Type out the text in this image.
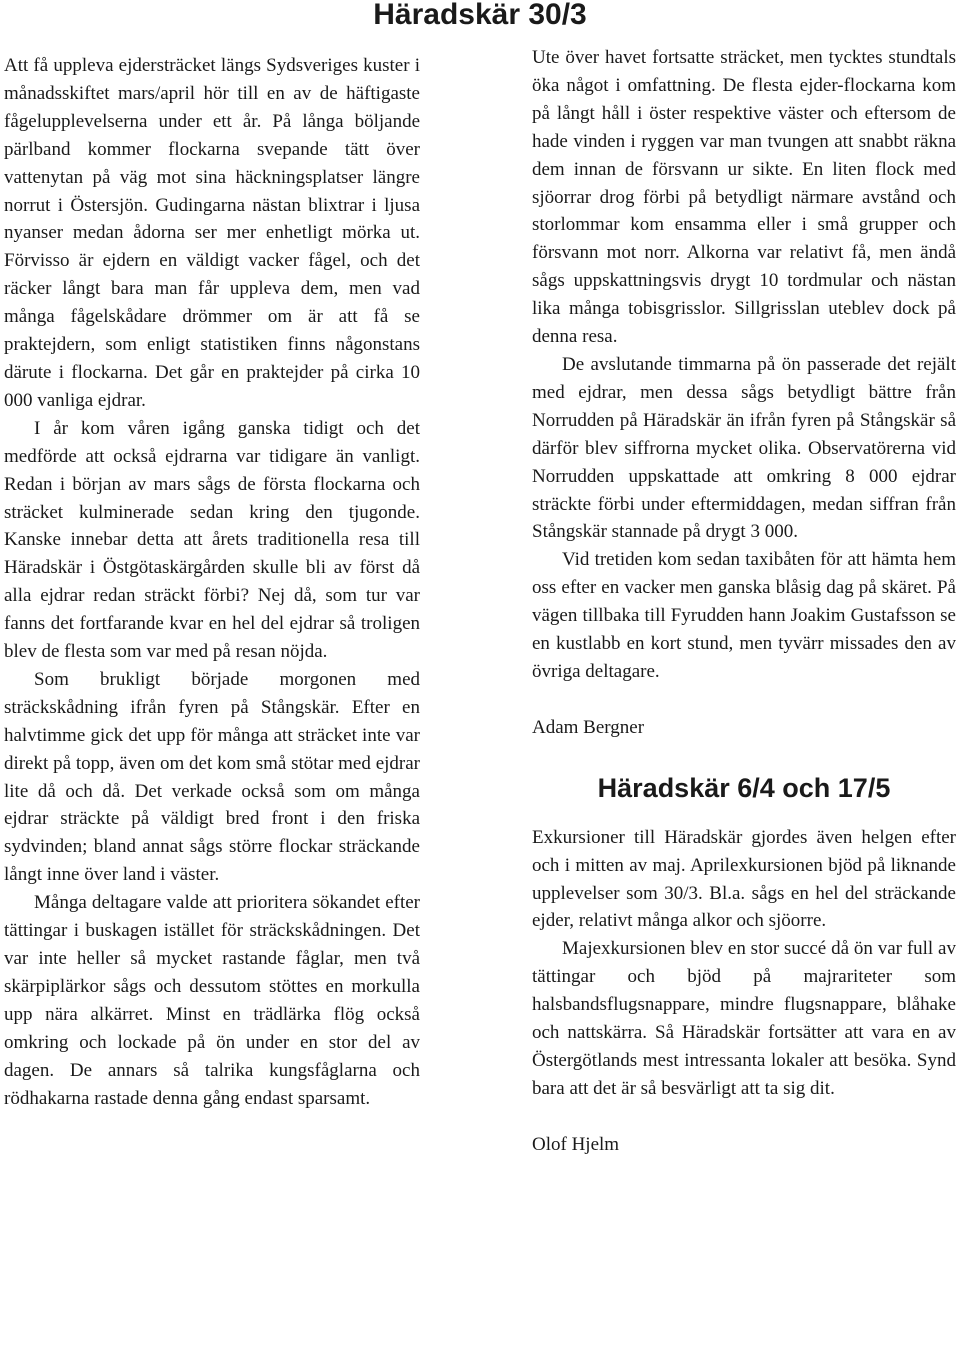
Häradskär 30/3

Att få uppleva ejdersträcket längs Sydsveriges kuster i månadsskiftet mars/april hör till en av de häftigaste fågelupplevelserna under ett år. På långa böljande pärlband kommer flockarna svepande tätt över vattenytan på väg mot sina häckningsplatser längre norrut i Östersjön. Gudingarna nästan blixtrar i ljusa nyanser medan ådorna ser mer enhetligt mörka ut. Förvisso är ejdern en väldigt vacker fågel, och det räcker långt bara man får uppleva dem, men vad många fågelskådare drömmer om är att få se praktejdern, som enligt statistiken finns någonstans därute i flockarna. Det går en praktejder på cirka 10 000 vanliga ejdrar.

I år kom våren igång ganska tidigt och det medförde att också ejdrarna var tidigare än vanligt. Redan i början av mars sågs de första flockarna och sträcket kulminerade sedan kring den tjugonde. Kanske innebar detta att årets traditionella resa till Häradskär i Östgötaskärgården skulle bli av först då alla ejdrar redan sträckt förbi? Nej då, som tur var fanns det fortfarande kvar en hel del ejdrar så troligen blev de flesta som var med på resan nöjda.

Som brukligt började morgonen med sträckskådning ifrån fyren på Stångskär. Efter en halvtimme gick det upp för många att sträcket inte var direkt på topp, även om det kom små stötar med ejdrar lite då och då. Det verkade också som om många ejdrar sträckte på väldigt bred front i den friska sydvinden; bland annat sågs större flockar sträckande långt inne över land i väster.

Många deltagare valde att prioritera sökandet efter tättingar i buskagen istället för sträckskådningen. Det var inte heller så mycket rastande fåglar, men två skärpiplärkor sågs och dessutom stöttes en morkulla upp nära alkärret. Minst en trädlärka flög också omkring och lockade på ön under en stor del av dagen. De annars så talrika kungsfåglarna och rödhakarna rastade denna gång endast sparsamt.

Ute över havet fortsatte sträcket, men tycktes stundtals öka något i omfattning. De flesta ejder-flockarna kom på långt håll i öster respektive väster och eftersom de hade vinden i ryggen var man tvungen att snabbt räkna dem innan de försvann ur sikte. En liten flock med sjöorrar drog förbi på betydligt närmare avstånd och storlommar kom ensamma eller i små grupper och försvann mot norr. Alkorna var relativt få, men ändå sågs uppskattningsvis drygt 10 tordmular och nästan lika många tobisgrisslor. Sillgrisslan uteblev dock på denna resa.

De avslutande timmarna på ön passerade det rejält med ejdrar, men dessa sågs betydligt bättre från Norrudden på Häradskär än ifrån fyren på Stångskär så därför blev siffrorna mycket olika. Observatörerna vid Norrudden uppskattade att omkring 8 000 ejdrar sträckte förbi under eftermiddagen, medan siffran från Stångskär stannade på drygt 3 000.

Vid tretiden kom sedan taxibåten för att hämta hem oss efter en vacker men ganska blåsig dag på skäret. På vägen tillbaka till Fyrudden hann Joakim Gustafsson se en kustlabb en kort stund, men tyvärr missades den av övriga deltagare.

Adam Bergner

Häradskär 6/4 och 17/5

Exkursioner till Häradskär gjordes även helgen efter och i mitten av maj. Aprilexkursionen bjöd på liknande upplevelser som 30/3. Bl.a. sågs en hel del sträckande ejder, relativt många alkor och sjöorre.

Majexkursionen blev en stor succé då ön var full av tättingar och bjöd på majrariteter som halsbandsflugsnappare, mindre flugsnappare, blåhake och nattskärra. Så Häradskär fortsätter att vara en av Östergötlands mest intressanta lokaler att besöka. Synd bara att det är så besvärligt att ta sig dit.

Olof Hjelm
